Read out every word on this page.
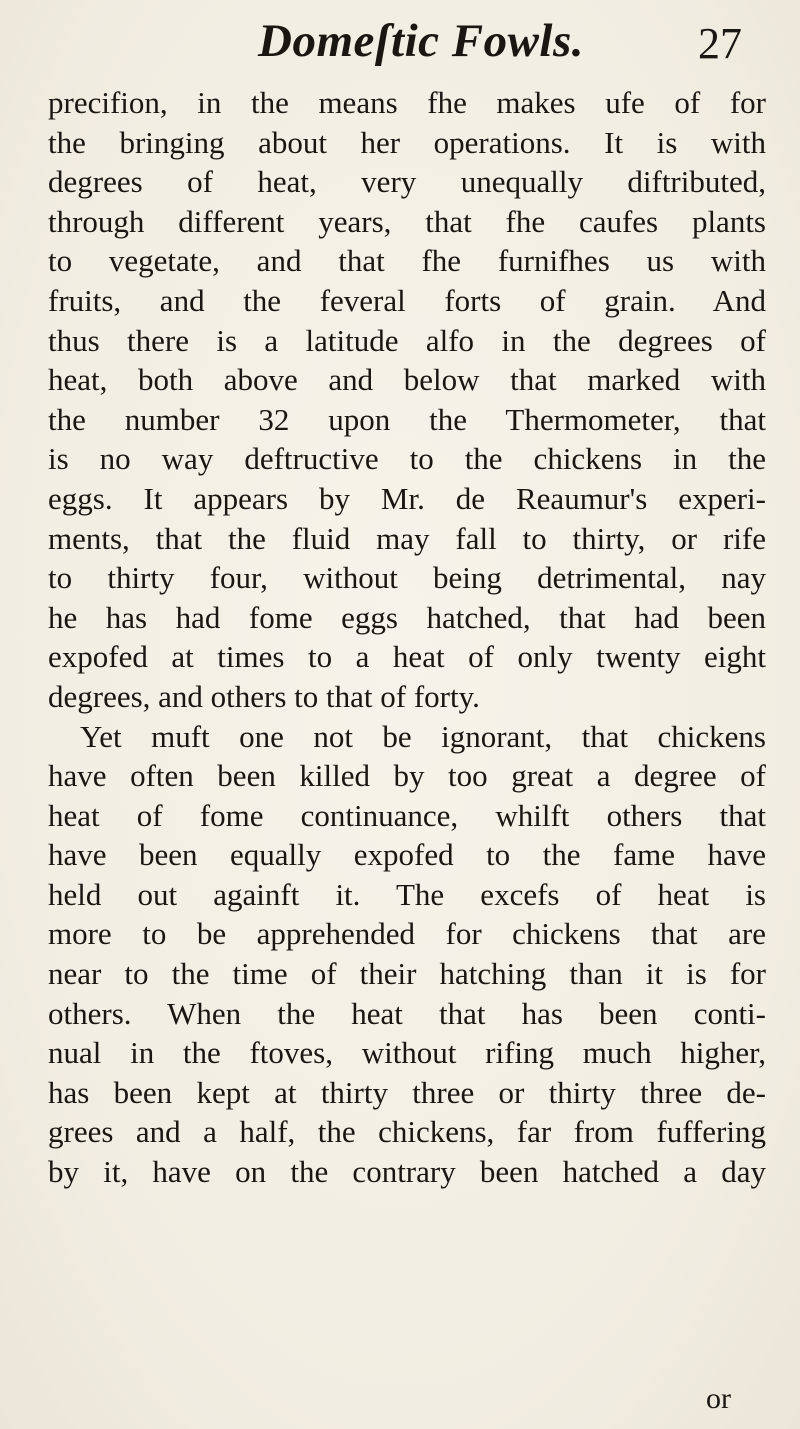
Domeſtic Fowls.	27
precifion, in the means fhe makes ufe of for
the bringing about her operations. It is with
degrees of heat, very unequally diftributed,
through different years, that fhe caufes plants
to vegetate, and that fhe furnifhes us with
fruits, and the feveral forts of grain. And
thus there is a latitude alfo in the degrees of
heat, both above and below that marked with
the number 32 upon the Thermometer, that
is no way deftructive to the chickens in the
eggs. It appears by Mr. de Reaumur's experi-
ments, that the fluid may fall to thirty, or rife
to thirty four, without being detrimental, nay
he has had fome eggs hatched, that had been
expofed at times to a heat of only twenty eight
degrees, and others to that of forty.
Yet muft one not be ignorant, that chickens
have often been killed by too great a degree of
heat of fome continuance, whilft others that
have been equally expofed to the fame have
held out againft it. The excefs of heat is
more to be apprehended for chickens that are
near to the time of their hatching than it is for
others. When the heat that has been conti-
nual in the ftoves, without rifing much higher,
has been kept at thirty three or thirty three de-
grees and a half, the chickens, far from fuffering
by it, have on the contrary been hatched a day
or
